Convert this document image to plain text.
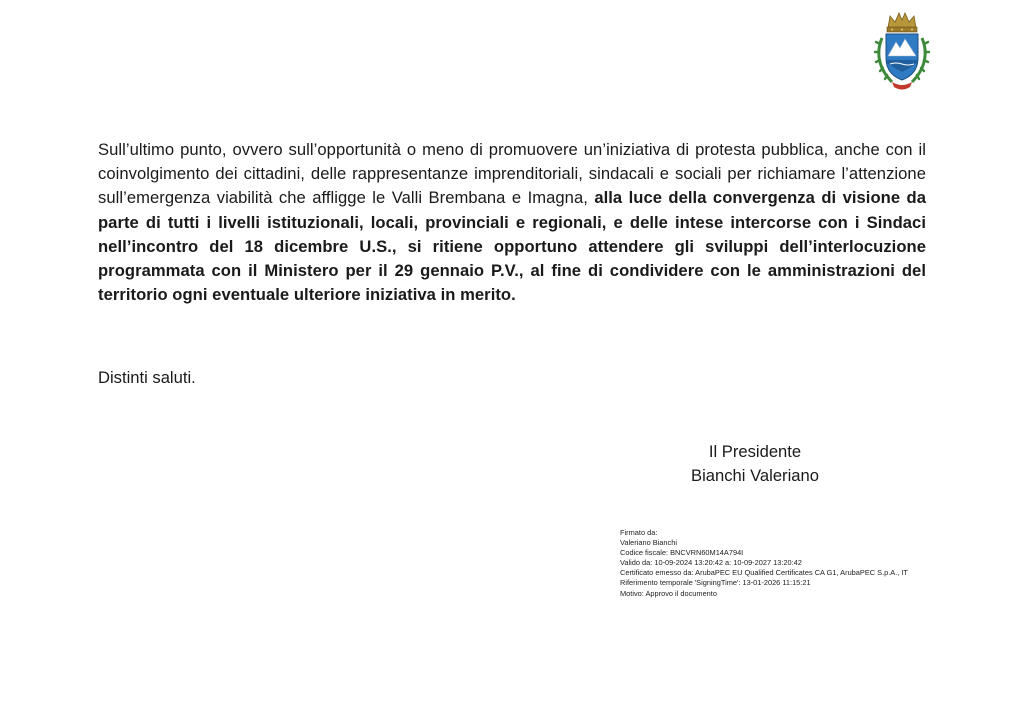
Sull’ultimo punto, ovvero sull’opportunità o meno di promuovere un’iniziativa di protesta pubblica, anche con il coinvolgimento dei cittadini, delle rappresentanze imprenditoriali, sindacali e sociali per richiamare l’attenzione sull’emergenza viabilità che affligge le Valli Brembana e Imagna, alla luce della convergenza di visione da parte di tutti i livelli istituzionali, locali, provinciali e regionali, e delle intese intercorse con i Sindaci nell’incontro del 18 dicembre U.S., si ritiene opportuno attendere gli sviluppi dell’interlocuzione programmata con il Ministero per il 29 gennaio P.V., al fine di condividere con le amministrazioni del territorio ogni eventuale ulteriore iniziativa in merito.
Distinti saluti.
Il Presidente
Bianchi Valeriano
Firmato da:
Valeriano Bianchi
Codice fiscale: BNCVRN60M14A794I
Valido da: 10-09-2024 13:20:42 a: 10-09-2027 13:20:42
Certificato emesso da: ArubaPEC EU Qualified Certificates CA G1, ArubaPEC S.p.A., IT
Riferimento temporale 'SigningTime': 13-01-2026 11:15:21
Motivo: Approvo il documento
